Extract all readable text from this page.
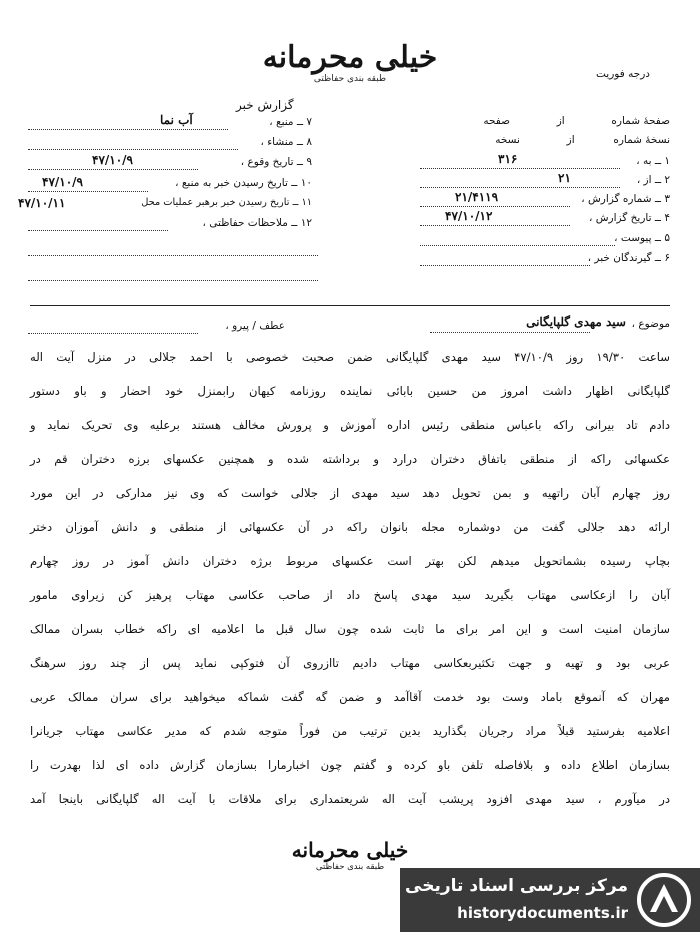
خیلی محرمانه
طبقه بندی حفاظتی	درجه فوریت
گزارش خبر
صفحهٔ شماره  از  صفحه
نسخهٔ شماره  از  نسخه
۱ ــ به ،
۳۱۶
۲ ــ از ،
۲۱
۳ ــ شماره گزارش ،
۲۱/۴۱۱۹
۴ ــ تاریخ گزارش ،
۴۷/۱۰/۱۲
۵ ــ پیوست ،
۶ ــ گیرندگان خبر ،
۷ ــ منبع ،
آب نما
۸ ــ منشاء ،
۹ ــ تاریخ وقوع ،
۴۷/۱۰/۹
۱۰ ــ تاریخ رسیدن خبر به منبع ،
۴۷/۱۰/۹
۱۱ ــ تاریخ رسیدن خبر برهبر عملیات محل
۴۷/۱۰/۱۱
۱۲ ــ ملاحظات حفاظتی ،
موضوع ،
سید مهدی گلپایگانی
عطف / پیرو ،
ساعت ۱۹/۳۰ روز ۴۷/۱۰/۹ سید مهدی گلپایگانی ضمن صحبت خصوصی با احمد جلالی در منزل آیت اله
گلپایگانی اظهار داشت امروز من حسین بابائی نماینده روزنامه کیهان رابمنزل خود احضار و باو دستور
دادم تاد بیرانی راکه باعباس منطقی رئیس اداره آموزش و پرورش مخالف هستند برعلیه وی تحریک نماید و
عکسهائی راکه از منطقی باتفاق دختران درارد و برداشته شده و همچنین عکسهای برزه دختران قم در
روز چهارم آبان راتهیه و بمن تحویل دهد سید مهدی از جلالی خواست که وی نیز مدارکی در این مورد
ارائه دهد جلالی گفت من دوشماره مجله بانوان راکه در آن عکسهائی از منطقی و دانش آموزان دختر
بچاپ رسیده بشماتحویل میدهم لکن بهتر است عکسهای مربوط برژه دختران دانش آموز در روز چهارم
آبان را ازعکاسی مهتاب بگیرید سید مهدی پاسخ داد از صاحب عکاسی مهتاب پرهیز کن زیراوی مامور
سازمان امنیت است و این امر برای ما ثابت شده چون سال قبل ما اعلامیه ای راکه خطاب بسران ممالک
عربی بود و تهیه و جهت تکثیربعکاسی مهتاب دادیم تاازروی آن فتوکپی نماید پس از چند روز سرهنگ
مهران که آنموقع باماد وست بود خدمت آقاآمد و ضمن گه گفت شماکه میخواهید برای سران ممالک عربی
اعلامیه بفرستید قبلاً مراد رجریان بگذارید بدین ترتیب من فوراً متوجه شدم که مدیر عکاسی مهتاب جریانرا
بسازمان اطلاع داده و بلافاصله تلفن باو کرده و گفتم چون اخبارمارا بسازمان گزارش داده ای لذا بهدرت را
در میآورم ، سید مهدی افزود پریشب آیت اله شریعتمداری برای ملاقات با آیت اله گلپایگانی باینجا آمد
خیلی محرمانه
طبقه بندی حفاظتی
مرکز بررسی اسناد تاریخی
historydocuments.ir
